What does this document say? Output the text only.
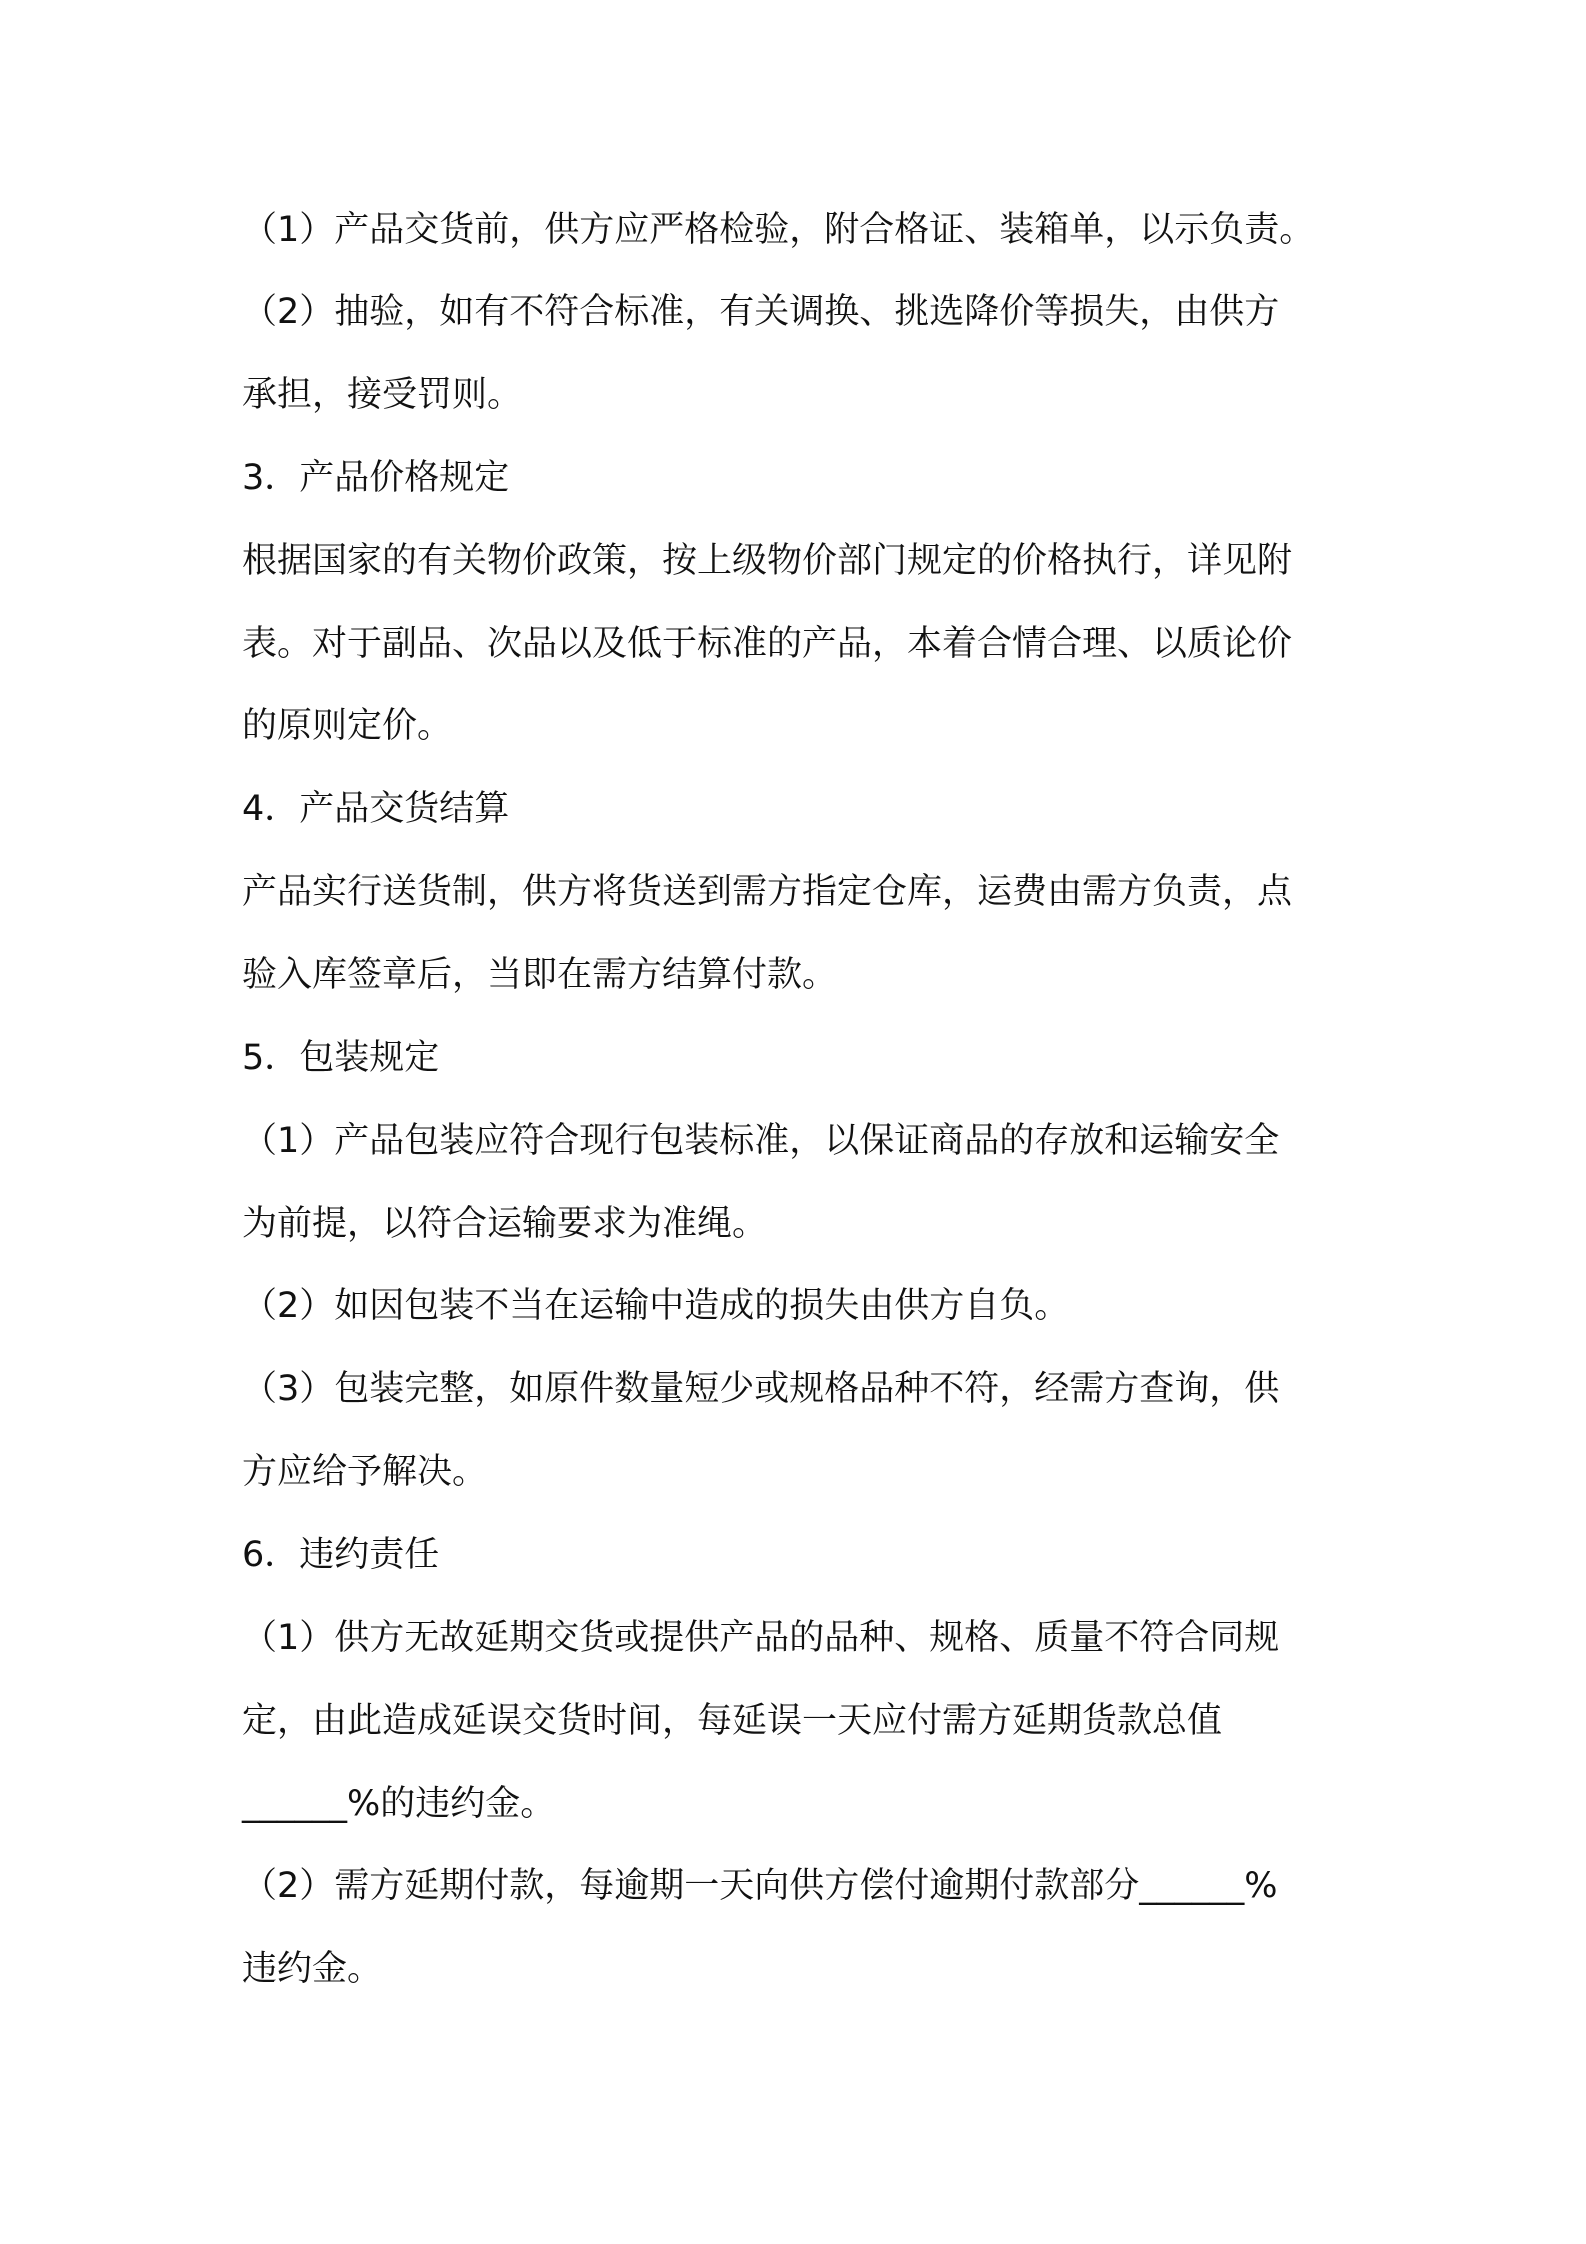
（1）产品交货前，供方应严格检验，附合格证、装箱单，以示负责。
（2）抽验，如有不符合标准，有关调换、挑选降价等损失，由供方
承担，接受罚则。
3．产品价格规定
根据国家的有关物价政策，按上级物价部门规定的价格执行，详见附
表。对于副品、次品以及低于标准的产品，本着合情合理、以质论价
的原则定价。
4．产品交货结算
产品实行送货制，供方将货送到需方指定仓库，运费由需方负责，点
验入库签章后，当即在需方结算付款。
5．包装规定
（1）产品包装应符合现行包装标准，以保证商品的存放和运输安全
为前提，以符合运输要求为准绳。
（2）如因包装不当在运输中造成的损失由供方自负。
（3）包装完整，如原件数量短少或规格品种不符，经需方查询，供
方应给予解决。
6．违约责任
（1）供方无故延期交货或提供产品的品种、规格、质量不符合同规
定，由此造成延误交货时间，每延误一天应付需方延期货款总值
______%的违约金。
（2）需方延期付款，每逾期一天向供方偿付逾期付款部分______%
违约金。
